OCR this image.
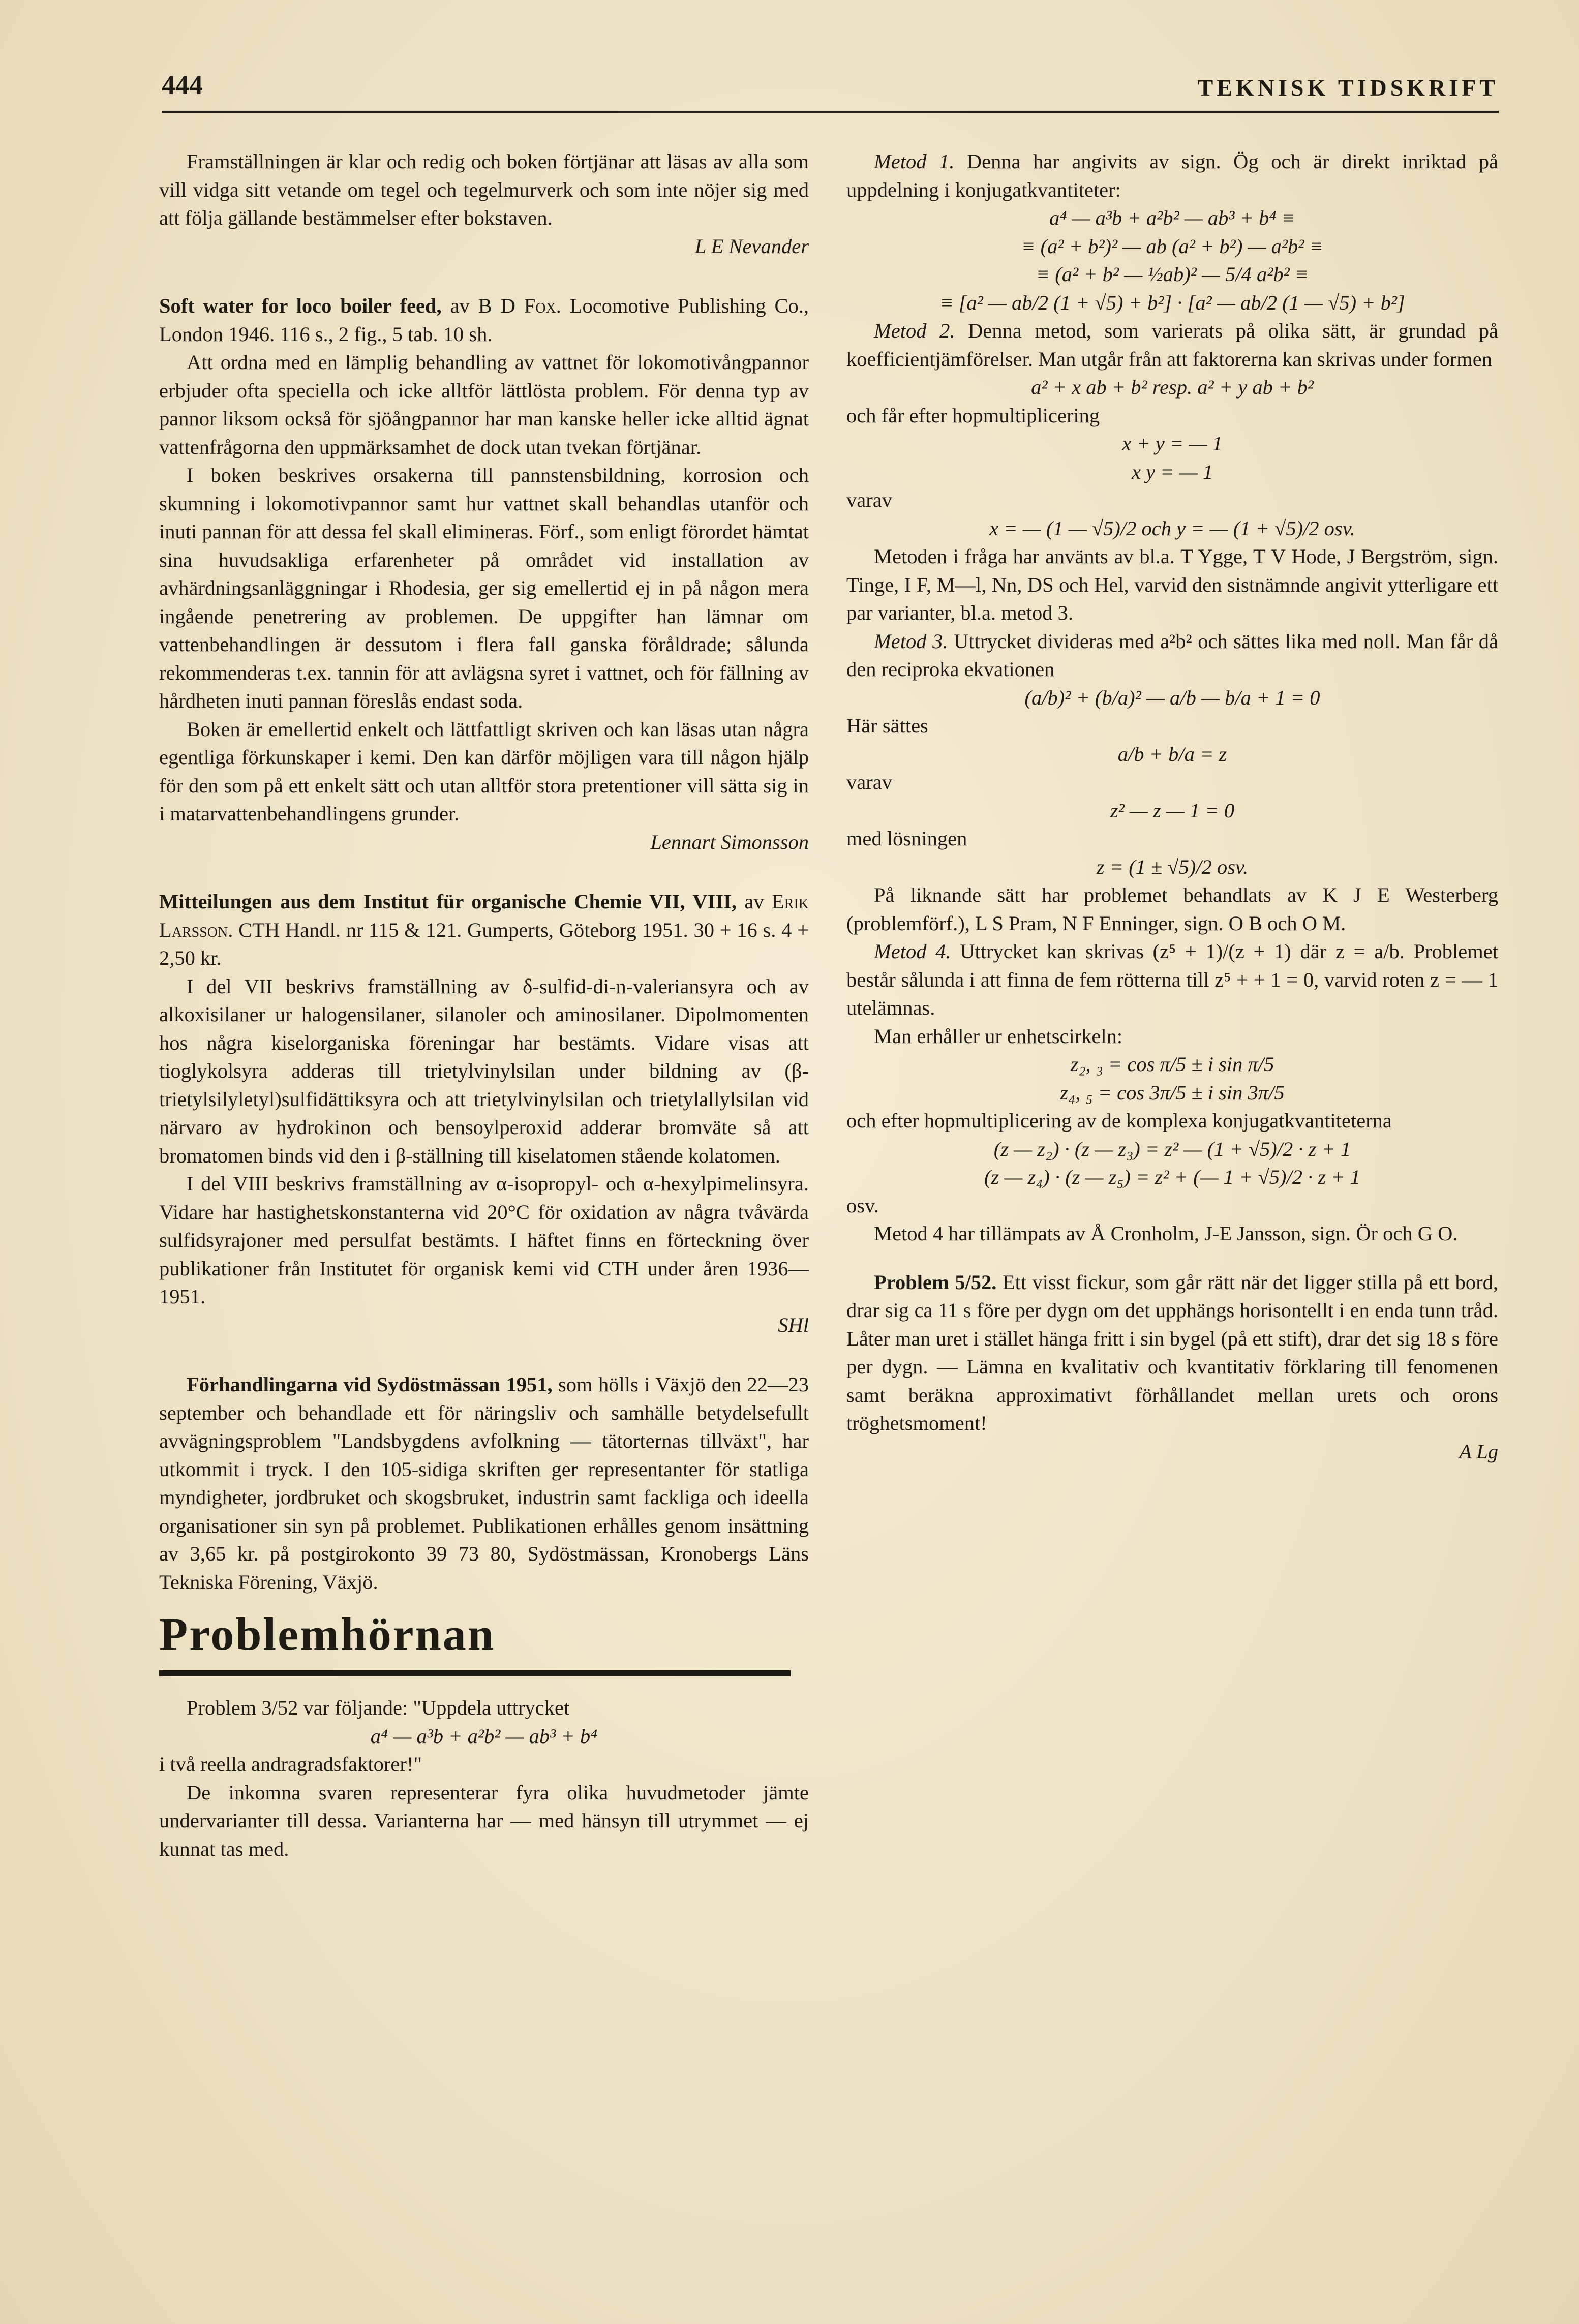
444	TEKNISK TIDSKRIFT

Framställningen är klar och redig och boken förtjänar att läsas av alla som vill vidga sitt vetande om tegel och tegelmurverk och som inte nöjer sig med att följa gällande bestämmelser efter bokstaven.

L E Nevander

Soft water for loco boiler feed, av B D Fox. Locomotive Publishing Co., London 1946. 116 s., 2 fig., 5 tab. 10 sh.

Att ordna med en lämplig behandling av vattnet för lokomotivångpannor erbjuder ofta speciella och icke alltför lättlösta problem. För denna typ av pannor liksom också för sjöångpannor har man kanske heller icke alltid ägnat vattenfrågorna den uppmärksamhet de dock utan tvekan förtjänar.

I boken beskrives orsakerna till pannstensbildning, korrosion och skumning i lokomotivpannor samt hur vattnet skall behandlas utanför och inuti pannan för att dessa fel skall elimineras. Förf., som enligt förordet hämtat sina huvudsakliga erfarenheter på området vid installation av avhärdningsanläggningar i Rhodesia, ger sig emellertid ej in på någon mera ingående penetrering av problemen. De uppgifter han lämnar om vattenbehandlingen är dessutom i flera fall ganska föråldrade; sålunda rekommenderas t.ex. tannin för att avlägsna syret i vattnet, och för fällning av hårdheten inuti pannan föreslås endast soda.

Boken är emellertid enkelt och lättfattligt skriven och kan läsas utan några egentliga förkunskaper i kemi. Den kan därför möjligen vara till någon hjälp för den som på ett enkelt sätt och utan alltför stora pretentioner vill sätta sig in i matarvattenbehandlingens grunder.

Lennart Simonsson

Mitteilungen aus dem Institut für organische Chemie VII, VIII, av Erik Larsson. CTH Handl. nr 115 & 121. Gumperts, Göteborg 1951. 30 + 16 s. 4 + 2,50 kr.

I del VII beskrivs framställning av δ-sulfid-di-n-valeriansyra och av alkoxisilaner ur halogensilaner, silanoler och aminosilaner. Dipolmomenten hos några kiselorganiska föreningar har bestämts. Vidare visas att tioglykolsyra adderas till trietylvinylsilan under bildning av (β-trietylsilyletyl)sulfidättiksyra och att trietylvinylsilan och trietylallylsilan vid närvaro av hydrokinon och bensoylperoxid adderar bromväte så att bromatomen binds vid den i β-ställning till kiselatomen stående kolatomen.

I del VIII beskrivs framställning av α-isopropyl- och α-hexylpimelinsyra. Vidare har hastighetskonstanterna vid 20°C för oxidation av några tvåvärda sulfidsyrajoner med persulfat bestämts. I häftet finns en förteckning över publikationer från Institutet för organisk kemi vid CTH under åren 1936—1951.

SHl

Förhandlingarna vid Sydöstmässan 1951, som hölls i Växjö den 22—23 september och behandlade ett för näringsliv och samhälle betydelsefullt avvägningsproblem "Landsbygdens avfolkning — tätorternas tillväxt", har utkommit i tryck. I den 105-sidiga skriften ger representanter för statliga myndigheter, jordbruket och skogsbruket, industrin samt fackliga och ideella organisationer sin syn på problemet. Publikationen erhålles genom insättning av 3,65 kr. på postgirokonto 39 73 80, Sydöstmässan, Kronobergs Läns Tekniska Förening, Växjö.

Problemhörnan

Problem 3/52 var följande: "Uppdela uttrycket

a⁴ — a³b + a²b² — ab³ + b⁴

i två reella andragradsfaktorer!"

De inkomna svaren representerar fyra olika huvudmetoder jämte undervarianter till dessa. Varianterna har — med hänsyn till utrymmet — ej kunnat tas med.

Metod 1. Denna har angivits av sign. Ög och är direkt inriktad på uppdelning i konjugatkvantiteter:

a⁴ — a³b + a²b² — ab³ + b⁴ ≡

≡ (a² + b²)² — ab (a² + b²) — a²b² ≡

≡ (a² + b² — ½ab)² — 5/4 a²b² ≡

≡ [a² — ab/2 (1 + √5) + b²] · [a² — ab/2 (1 — √5) + b²]

Metod 2. Denna metod, som varierats på olika sätt, är grundad på koefficientjämförelser. Man utgår från att faktorerna kan skrivas under formen

a² + x ab + b² resp. a² + y ab + b²

och får efter hopmultiplicering

x + y = — 1

x y = — 1

varav

x = — (1 — √5)/2 och y = — (1 + √5)/2 osv.

Metoden i fråga har använts av bl.a. T Ygge, T V Hode, J Bergström, sign. Tinge, I F, M—l, Nn, DS och Hel, varvid den sistnämnde angivit ytterligare ett par varianter, bl.a. metod 3.

Metod 3. Uttrycket divideras med a²b² och sättes lika med noll. Man får då den reciproka ekvationen

(a/b)² + (b/a)² — a/b — b/a + 1 = 0

Här sättes

a/b + b/a = z

varav

z² — z — 1 = 0

med lösningen

z = (1 ± √5)/2 osv.

På liknande sätt har problemet behandlats av K J E Westerberg (problemförf.), L S Pram, N F Enninger, sign. O B och O M.

Metod 4. Uttrycket kan skrivas (z⁵ + 1)/(z + 1) där z = a/b. Problemet består sålunda i att finna de fem rötterna till z⁵ + + 1 = 0, varvid roten z = — 1 utelämnas.

Man erhåller ur enhetscirkeln:

z₂, ₃ = cos π/5 ± i sin π/5

z₄, ₅ = cos 3π/5 ± i sin 3π/5

och efter hopmultiplicering av de komplexa konjugatkvantiteterna

(z — z₂) · (z — z₃) = z² — (1 + √5)/2 · z + 1

(z — z₄) · (z — z₅) = z² + (— 1 + √5)/2 · z + 1

osv.

Metod 4 har tillämpats av Å Cronholm, J-E Jansson, sign. Ör och G O.

Problem 5/52. Ett visst fickur, som går rätt när det ligger stilla på ett bord, drar sig ca 11 s före per dygn om det upphängs horisontellt i en enda tunn tråd. Låter man uret i stället hänga fritt i sin bygel (på ett stift), drar det sig 18 s före per dygn. — Lämna en kvalitativ och kvantitativ förklaring till fenomenen samt beräkna approximativt förhållandet mellan urets och orons tröghetsmoment!

A Lg
